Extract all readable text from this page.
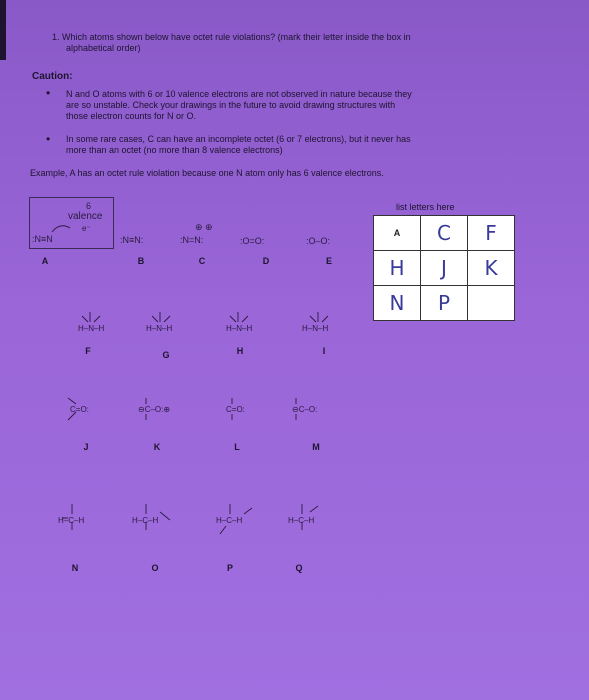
1. Which atoms shown below have octet rule violations? (mark their letter inside the box in
alphabetical order)
Caution:
• N and O atoms with 6 or 10 valence electrons are not observed in nature because they
are so unstable. Check your drawings in the future to avoid drawing structures with
those electron counts for N or O.
• In some rare cases, C can have an incomplete octet (6 or 7 electrons), but it never has
more than an octet (no more than 8 valence electrons)
Example, A has an octet rule violation because one N atom only has 6 valence electrons.
6
valence
e⁻
:N≡N	:N≡N:
⊕ ⊕
:N=N:	:O=O:	:O–O:
A	B	C	D	E
H–N–H	H–N–H	H–N–H	H–N–H
F	G	H	I
C=O:	⊖C–O:⊕	C=O:	⊖C–O:
J	K	L	M
H–C–H	H–C–H	H–C–H	H–C–H
N	O	P	Q
list letters here
A	C	F
H	J	K
N	P	
